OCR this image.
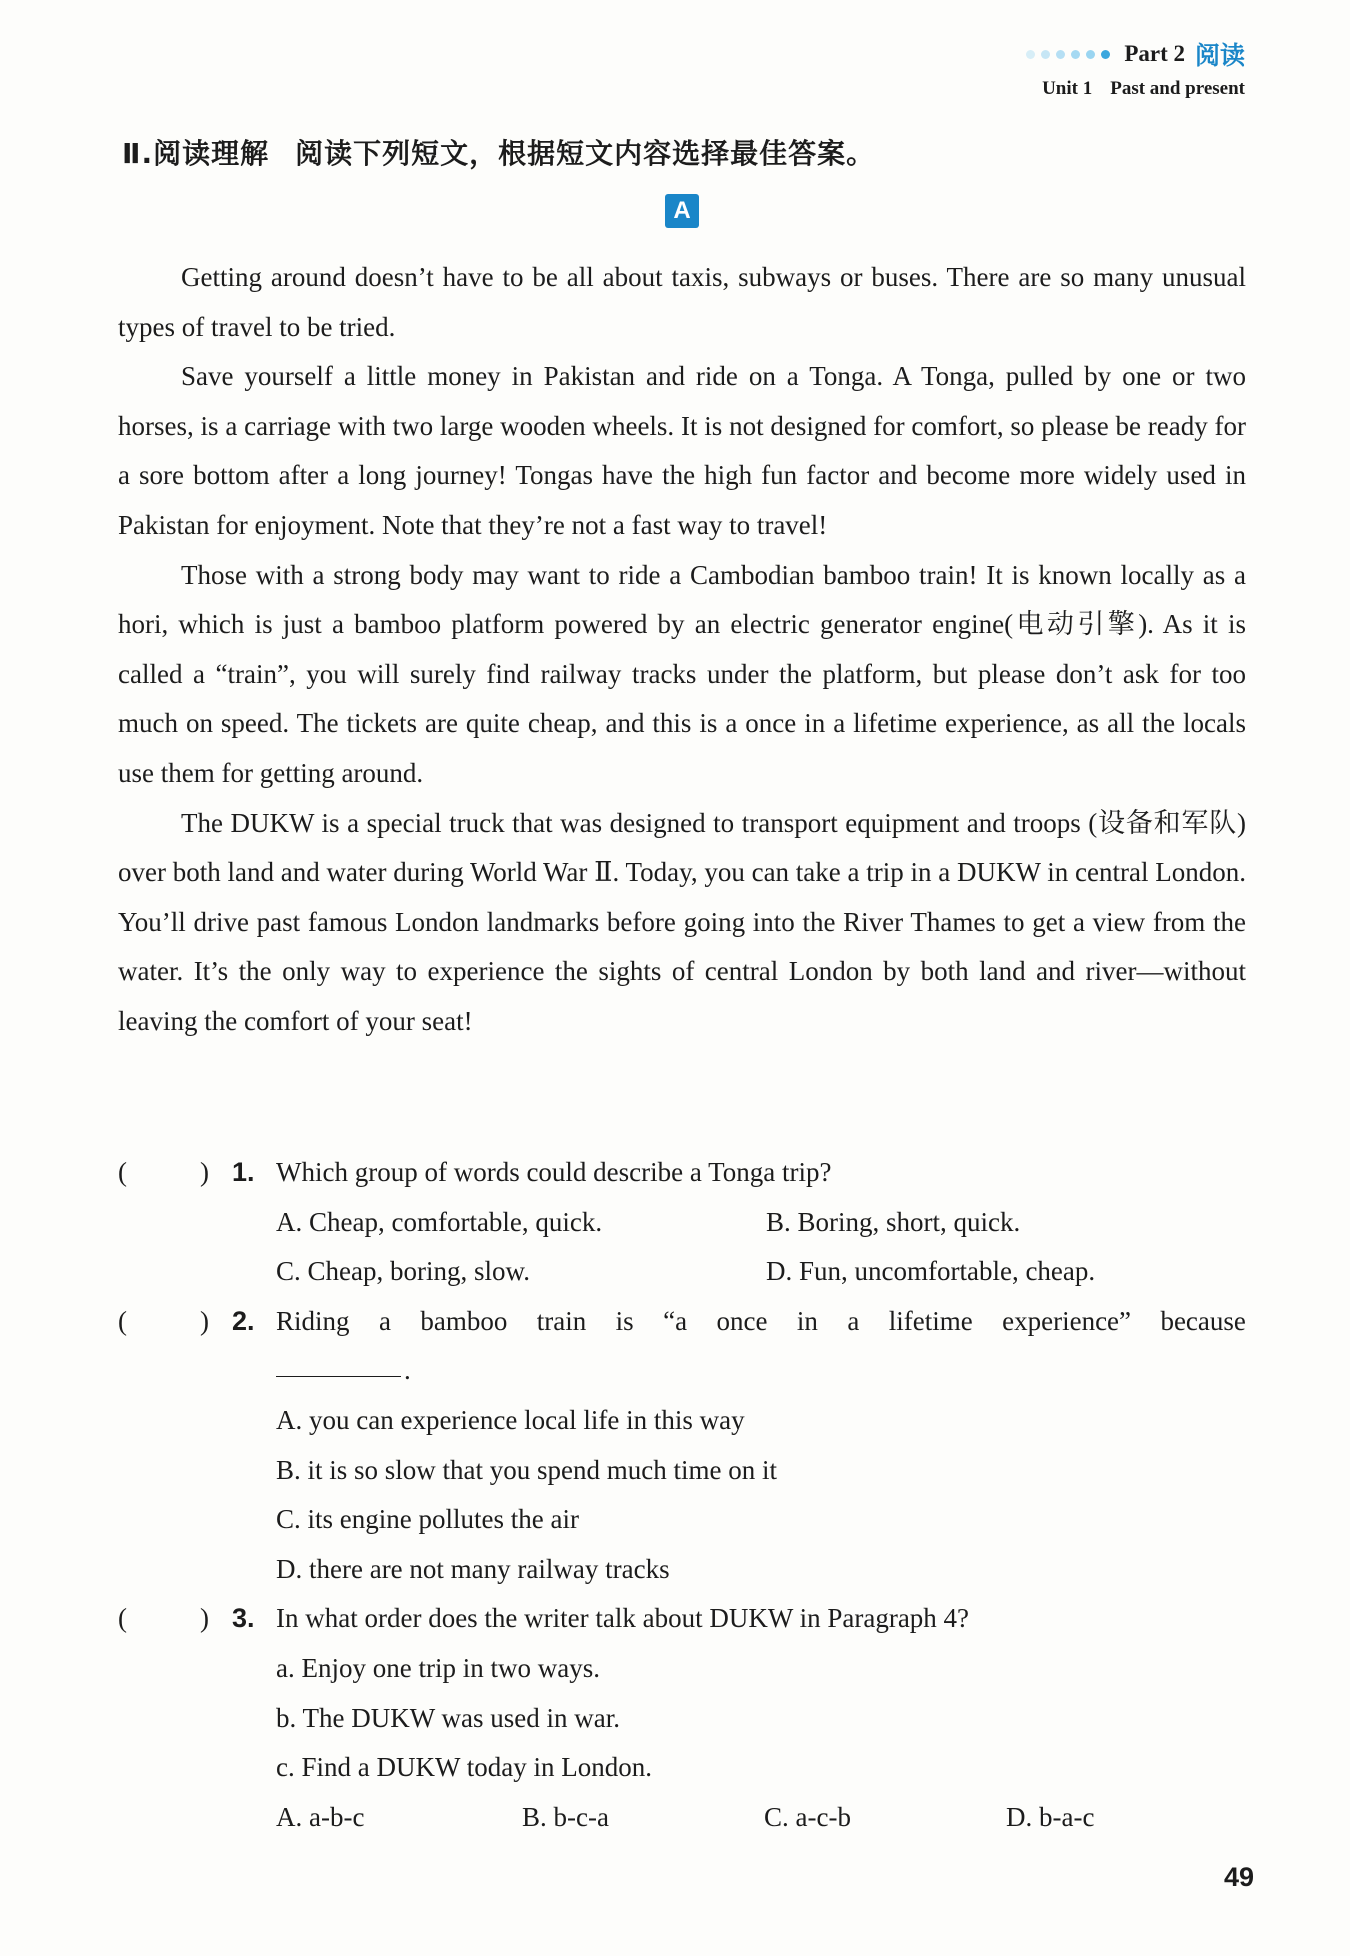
Part 2 阅读
Unit 1 Past and present
Ⅱ.阅读理解 阅读下列短文，根据短文内容选择最佳答案。
A

Getting around doesn’t have to be all about taxis, subways or buses. There are so many unusual types of travel to be tried.

Save yourself a little money in Pakistan and ride on a Tonga. A Tonga, pulled by one or two horses, is a carriage with two large wooden wheels. It is not designed for comfort, so please be ready for a sore bottom after a long journey! Tongas have the high fun factor and become more widely used in Pakistan for enjoyment. Note that they’re not a fast way to travel!

Those with a strong body may want to ride a Cambodian bamboo train! It is known locally as a hori, which is just a bamboo platform powered by an electric generator engine(电动引擎). As it is called a “train”, you will surely find railway tracks under the platform, but please don’t ask for too much on speed. The tickets are quite cheap, and this is a once in a lifetime experience, as all the locals use them for getting around.

The DUKW is a special truck that was designed to transport equipment and troops (设备和军队) over both land and water during World War Ⅱ. Today, you can take a trip in a DUKW in central London. You’ll drive past famous London landmarks before going into the River Thames to get a view from the water. It’s the only way to experience the sights of central London by both land and river—without leaving the comfort of your seat!

(	) 1. Which group of words could describe a Tonga trip?
A. Cheap, comfortable, quick.	B. Boring, short, quick.
C. Cheap, boring, slow.	D. Fun, uncomfortable, cheap.
(	) 2. Riding a bamboo train is “a once in a lifetime experience” because
.
A. you can experience local life in this way
B. it is so slow that you spend much time on it
C. its engine pollutes the air
D. there are not many railway tracks
(	) 3. In what order does the writer talk about DUKW in Paragraph 4?
a. Enjoy one trip in two ways.
b. The DUKW was used in war.
c. Find a DUKW today in London.
A. a-b-c	B. b-c-a	C. a-c-b	D. b-a-c
49
